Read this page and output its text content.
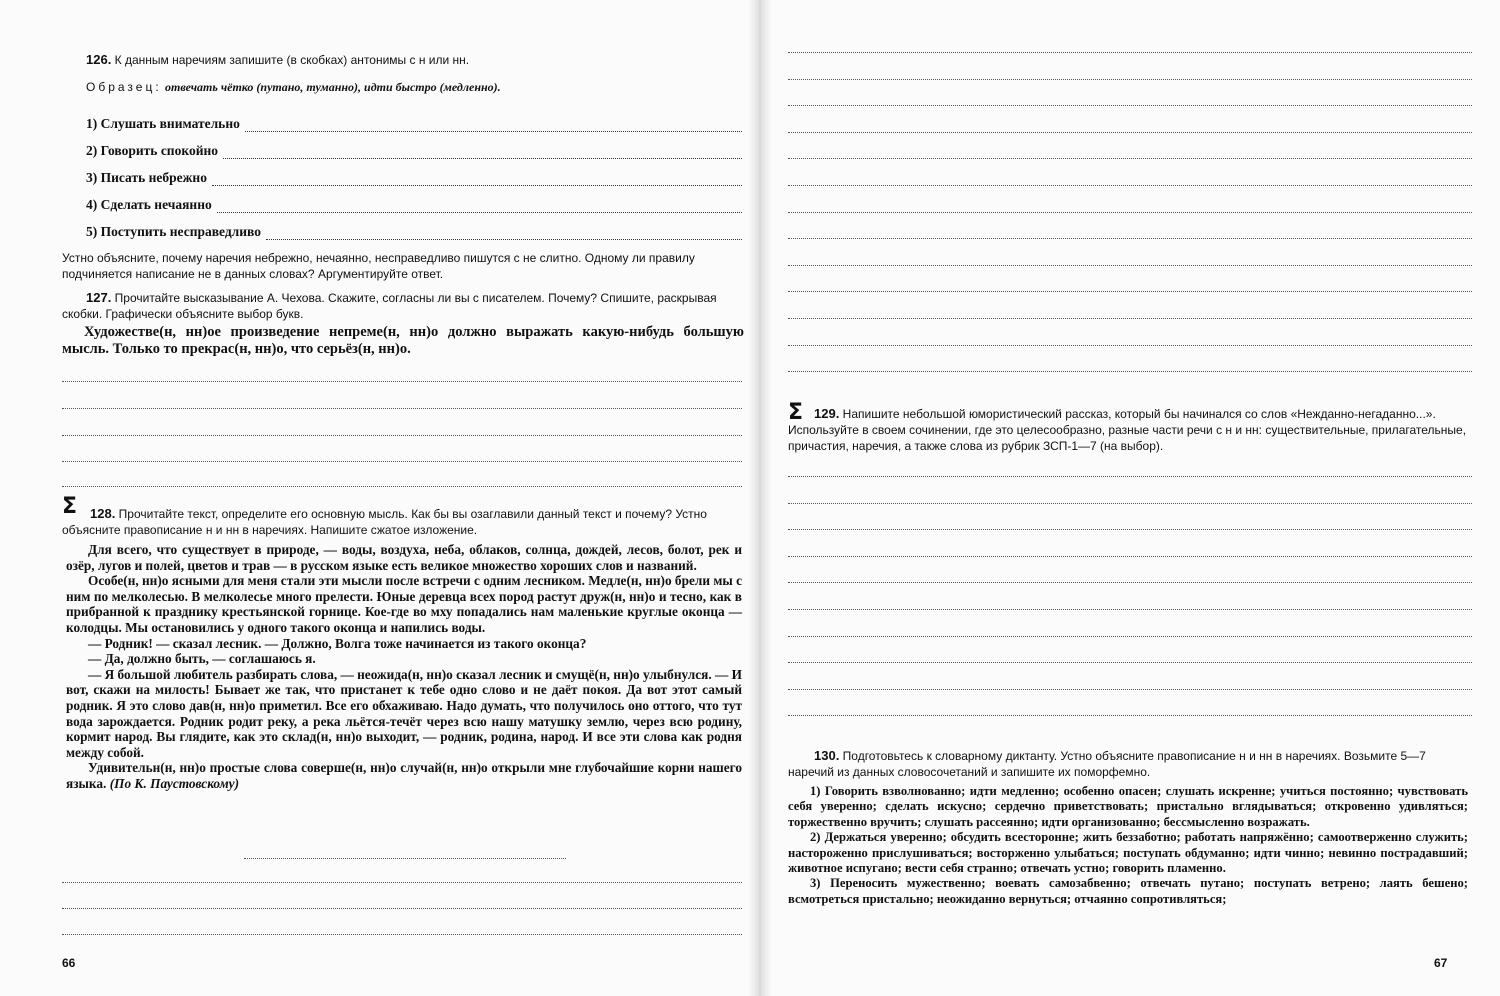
126. К данным наречиям запишите (в скобках) антонимы с н или нн.
Образец: отвечать чётко (путано, туманно), идти быстро (медленно).
1) Слушать внимательно
2) Говорить спокойно
3) Писать небрежно
4) Сделать нечаянно
5) Поступить несправедливо
Устно объясните, почему наречия небрежно, нечаянно, несправедливо пишутся с не слитно. Одному ли правилу подчиняется написание не в данных словах? Аргументируйте ответ.
127. Прочитайте высказывание А. Чехова. Скажите, согласны ли вы с писателем. Почему? Спишите, раскрывая скобки. Графически объясните выбор букв.

Художестве(н, нн)ое произведение непреме(н, нн)о должно выражать какую-нибудь большую мысль. Только то прекрас(н, нн)о, что серьёз(н, нн)о.

Ʃ 128. Прочитайте текст, определите его основную мысль. Как бы вы озаглавили данный текст и почему? Устно объясните правописание н и нн в наречиях. Напишите сжатое изложение.

Для всего, что существует в природе, — воды, воздуха, неба, облаков, солнца, дождей, лесов, болот, рек и озёр, лугов и полей, цветов и трав — в русском языке есть великое множество хороших слов и названий.

Особе(н, нн)о ясными для меня стали эти мысли после встречи с одним лесником. Медле(н, нн)о брели мы с ним по мелколесью. В мелколесье много прелести. Юные деревца всех пород растут друж(н, нн)о и тесно, как в прибранной к празднику крестьянской горнице. Кое-где во мху попадались нам маленькие круглые оконца — колодцы. Мы остановились у одного такого оконца и напились воды.

— Родник! — сказал лесник. — Должно, Волга тоже начинается из такого оконца?

— Да, должно быть, — соглашаюсь я.

— Я большой любитель разбирать слова, — неожида(н, нн)о сказал лесник и смущё(н, нн)о улыбнулся. — И вот, скажи на милость! Бывает же так, что пристанет к тебе одно слово и не даёт покоя. Да вот этот самый родник. Я это слово дав(н, нн)о приметил. Все его обхаживаю. Надо думать, что получилось оно оттого, что тут вода зарождается. Родник родит реку, а река льётся-течёт через всю нашу матушку землю, через всю родину, кормит народ. Вы глядите, как это склад(н, нн)о выходит, — родник, родина, народ. И все эти слова как родня между собой.

Удивительн(н, нн)о простые слова соверше(н, нн)о случай(н, нн)о открыли мне глубочайшие корни нашего языка. (По К. Паустовскому)

66
Ʃ 129. Напишите небольшой юмористический рассказ, который бы начинался со слов «Нежданно-негаданно...». Используйте в своем сочинении, где это целесообразно, разные части речи с н и нн: существительные, прилагательные, причастия, наречия, а также слова из рубрик ЗСП-1—7 (на выбор).
130. Подготовьтесь к словарному диктанту. Устно объясните правописание н и нн в наречиях. Возьмите 5—7 наречий из данных словосочетаний и запишите их поморфемно.

1) Говорить взволнованно; идти медленно; особенно опасен; слушать искренне; учиться постоянно; чувствовать себя уверенно; сделать искусно; сердечно приветствовать; пристально вглядываться; откровенно удивляться; торжественно вручить; слушать рассеянно; идти организованно; бессмысленно возражать.

2) Держаться уверенно; обсудить всесторонне; жить беззаботно; работать напряжённо; самоотверженно служить; настороженно прислушиваться; восторженно улыбаться; поступать обдуманно; идти чинно; невинно пострадавший; животное испугано; вести себя странно; отвечать устно; говорить пламенно.

3) Переносить мужественно; воевать самозабвенно; отвечать путано; поступать ветрено; лаять бешено; всмотреться пристально; неожиданно вернуться; отчаянно сопротивляться;

67
